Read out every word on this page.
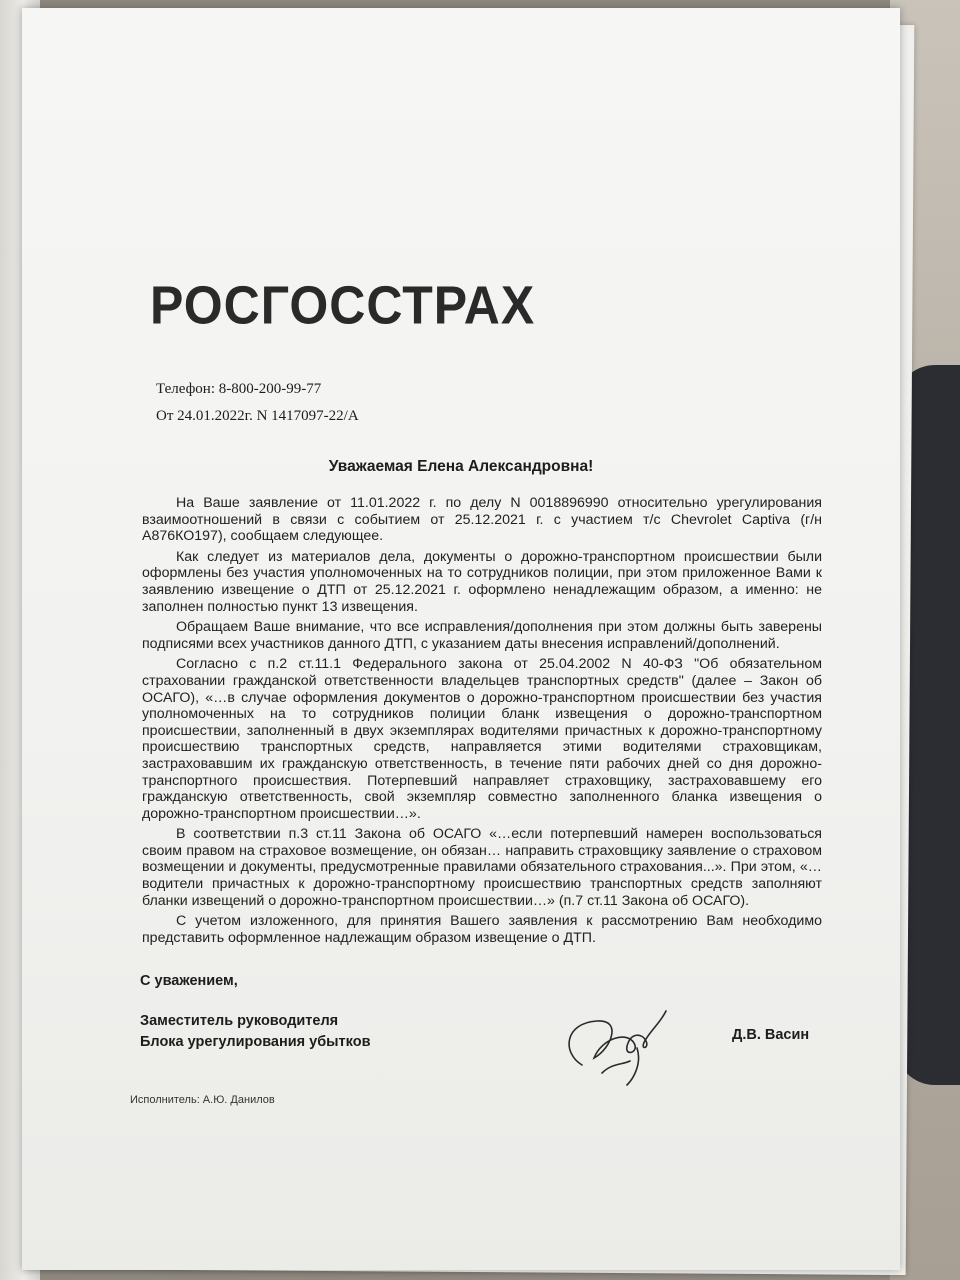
РОСГОССТРАХ
Телефон: 8-800-200-99-77
От 24.01.2022г. N 1417097-22/А
Уважаемая Елена Александровна!

На Ваше заявление от 11.01.2022 г. по делу N 0018896990 относительно урегулирования взаимоотношений в связи с событием от 25.12.2021 г. с участием т/с Chevrolet Captiva (г/н А876КО197), сообщаем следующее.

Как следует из материалов дела, документы о дорожно-транспортном происшествии были оформлены без участия уполномоченных на то сотрудников полиции, при этом приложенное Вами к заявлению извещение о ДТП от 25.12.2021 г. оформлено ненадлежащим образом, а именно: не заполнен полностью пункт 13 извещения.

Обращаем Ваше внимание, что все исправления/дополнения при этом должны быть заверены подписями всех участников данного ДТП, с указанием даты внесения исправлений/дополнений.

Согласно с п.2 ст.11.1 Федерального закона от 25.04.2002 N 40-ФЗ "Об обязательном страховании гражданской ответственности владельцев транспортных средств" (далее – Закон об ОСАГО), «…в случае оформления документов о дорожно-транспортном происшествии без участия уполномоченных на то сотрудников полиции бланк извещения о дорожно-транспортном происшествии, заполненный в двух экземплярах водителями причастных к дорожно-транспортному происшествию транспортных средств, направляется этими водителями страховщикам, застраховавшим их гражданскую ответственность, в течение пяти рабочих дней со дня дорожно-транспортного происшествия. Потерпевший направляет страховщику, застраховавшему его гражданскую ответственность, свой экземпляр совместно заполненного бланка извещения о дорожно-транспортном происшествии…».

В соответствии п.3 ст.11 Закона об ОСАГО «…если потерпевший намерен воспользоваться своим правом на страховое возмещение, он обязан… направить страховщику заявление о страховом возмещении и документы, предусмотренные правилами обязательного страхования...». При этом, «…водители причастных к дорожно-транспортному происшествию транспортных средств заполняют бланки извещений о дорожно-транспортном происшествии…» (п.7 ст.11 Закона об ОСАГО).

С учетом изложенного, для принятия Вашего заявления к рассмотрению Вам необходимо представить оформленное надлежащим образом извещение о ДТП.

С уважением,
Заместитель руководителя
Блока урегулирования убытков	Д.В. Васин
Исполнитель: А.Ю. Данилов
